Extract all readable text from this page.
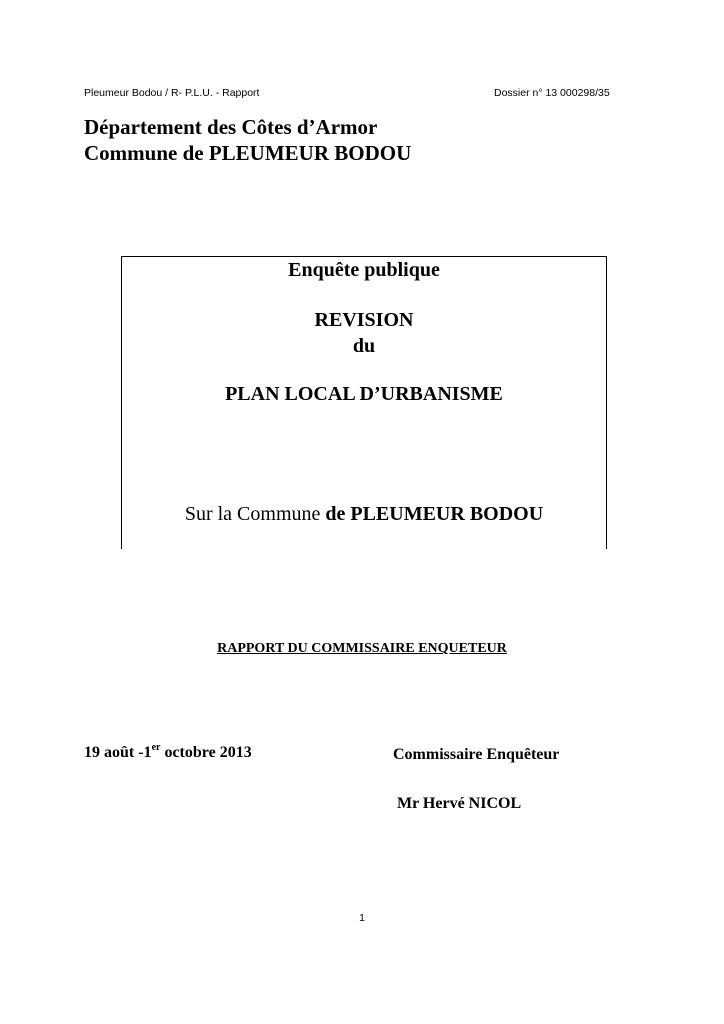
Pleumeur Bodou / R- P.L.U. - Rapport	Dossier n° 13 000298/35
Département des Côtes d’Armor
Commune de PLEUMEUR BODOU
Enquête publique
REVISION
du
PLAN LOCAL D’URBANISME
Sur la Commune de PLEUMEUR BODOU
RAPPORT DU COMMISSAIRE ENQUETEUR
19 août -1er octobre 2013	Commissaire Enquêteur
Mr Hervé NICOL
1
